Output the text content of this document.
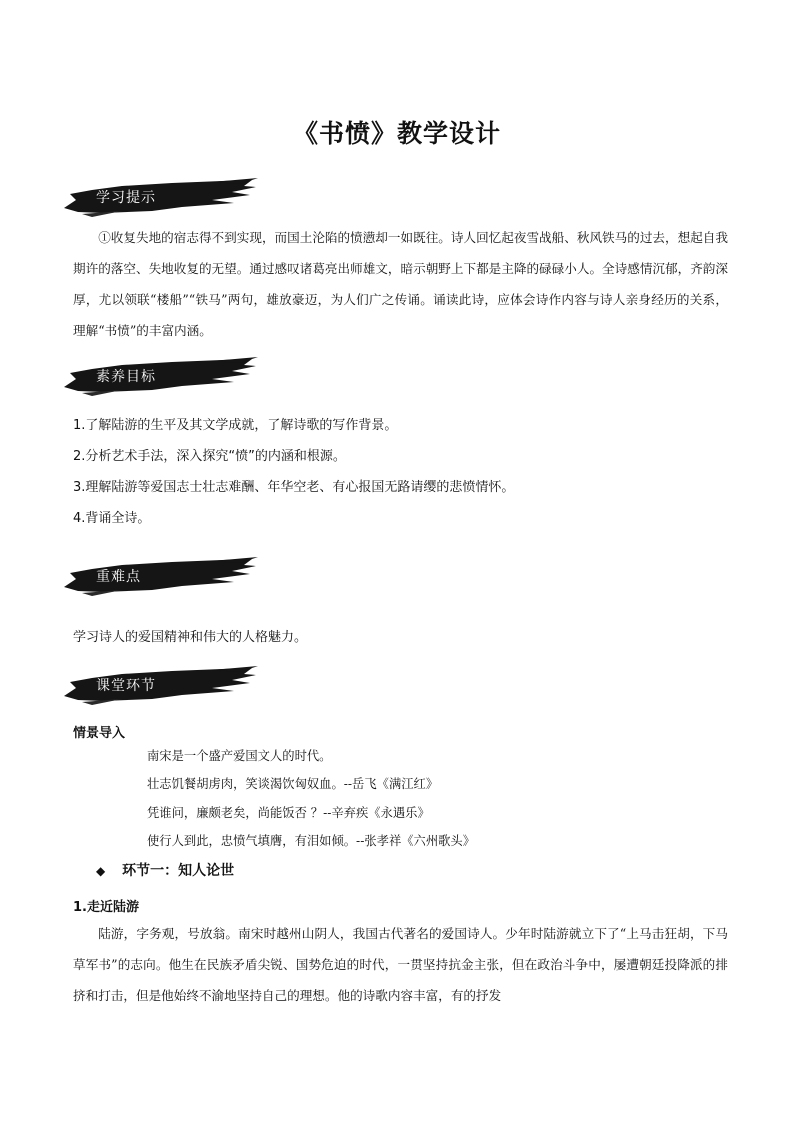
《书愤》教学设计
学习提示

①收复失地的宿志得不到实现，而国土沦陷的愤懑却一如既往。诗人回忆起夜雪战船、秋风铁马的过去，想起自我期许的落空、失地收复的无望。通过感叹诸葛亮出师雄文，暗示朝野上下都是主降的碌碌小人。全诗感情沉郁，齐韵深厚，尤以领联“楼船”“铁马”两句，雄放豪迈，为人们广之传诵。诵读此诗，应体会诗作内容与诗人亲身经历的关系，理解“书愤”的丰富内涵。

素养目标
1.了解陆游的生平及其文学成就，了解诗歌的写作背景。
2.分析艺术手法，深入探究“愤”的内涵和根源。
3.理解陆游等爱国志士壮志难酬、年华空老、有心报国无路请缨的悲愤情怀。
4.背诵全诗。
重难点

学习诗人的爱国精神和伟大的人格魅力。

课堂环节
情景导入
南宋是一个盛产爱国文人的时代。
壮志饥餐胡虏肉，笑谈渴饮匈奴血。--岳飞《满江红》
凭谁问，廉颇老矣，尚能饭否 ？--辛弃疾《永遇乐》
使行人到此，忠愤气填膺，有泪如倾。--张孝祥《六州歌头》
◆ 环节一：知人论世
1.走近陆游

陆游，字务观，号放翁。南宋时越州山阴人，我国古代著名的爱国诗人。少年时陆游就立下了“上马击狂胡，下马草军书”的志向。他生在民族矛盾尖锐、国势危迫的时代，一贯坚持抗金主张，但在政治斗争中，屡遭朝廷投降派的排挤和打击，但是他始终不渝地坚持自己的理想。他的诗歌内容丰富，有的抒发
